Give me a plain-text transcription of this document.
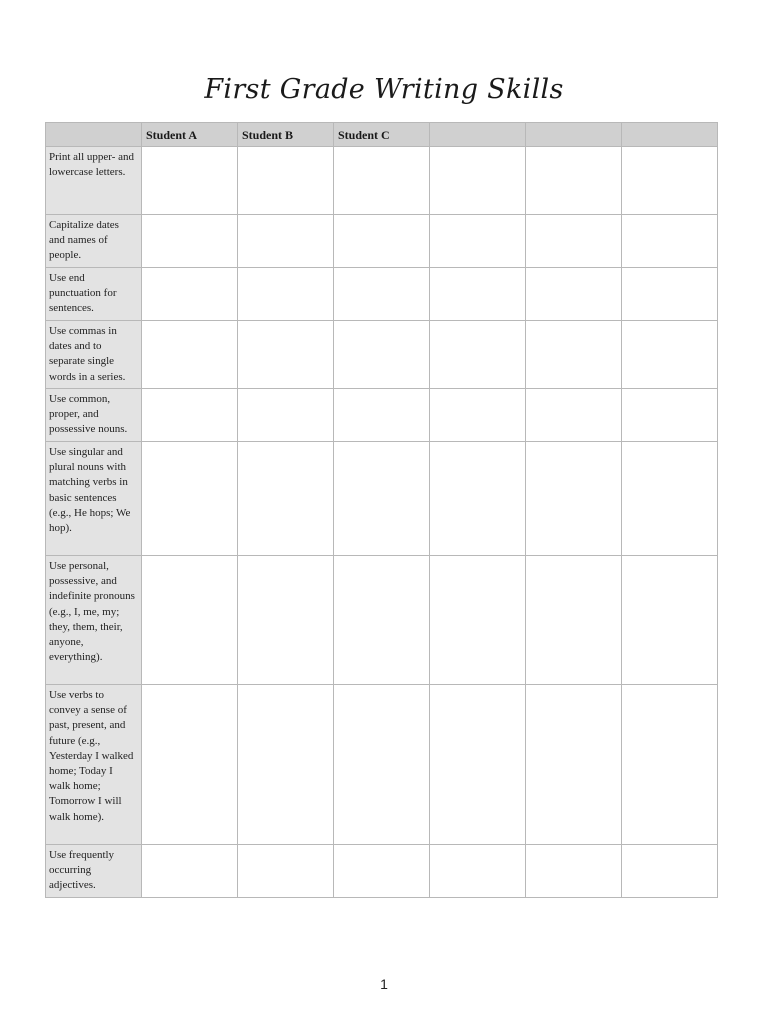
First Grade Writing Skills
	Student A	Student B	Student C			
Print all upper- and lowercase letters.						
Capitalize dates and names of people.						
Use end punctuation for sentences.						
Use commas in dates and to separate single words in a series.						
Use common, proper, and possessive nouns.						
Use singular and plural nouns with matching verbs in basic sentences (e.g., He hops; We hop).						
Use personal, possessive, and indefinite pronouns (e.g., I, me, my; they, them, their, anyone, everything).						
Use verbs to convey a sense of past, present, and future (e.g., Yesterday I walked home; Today I walk home; Tomorrow I will walk home).						
Use frequently occurring adjectives.						
1
